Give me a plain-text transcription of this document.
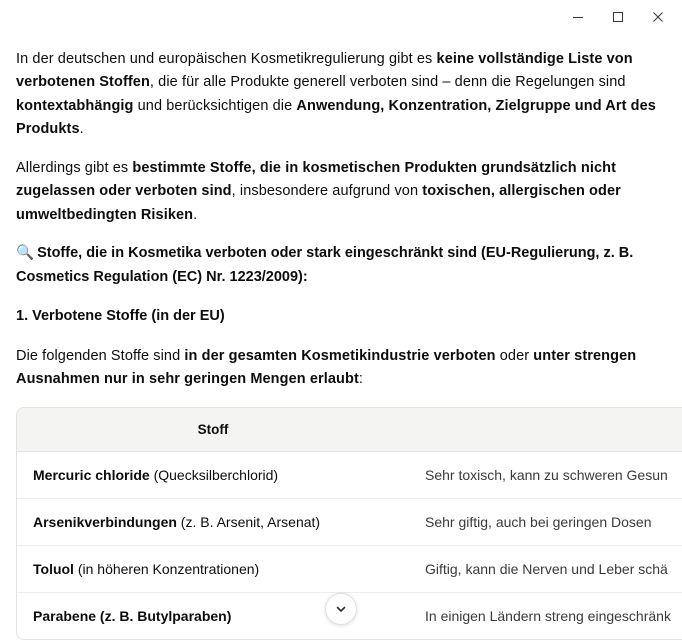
In der deutschen und europäischen Kosmetikregulierung gibt es keine vollständige Liste von verbotenen Stoffen, die für alle Produkte generell verboten sind – denn die Regelungen sind kontextabhängig und berücksichtigen die Anwendung, Konzentration, Zielgruppe und Art des Produkts.

Allerdings gibt es bestimmte Stoffe, die in kosmetischen Produkten grundsätzlich nicht zugelassen oder verboten sind, insbesondere aufgrund von toxischen, allergischen oder umweltbedingten Risiken.

🔍 Stoffe, die in Kosmetika verboten oder stark eingeschränkt sind (EU-Regulierung, z. B. Cosmetics Regulation (EC) Nr. 1223/2009):

1. Verbotene Stoffe (in der EU)

Die folgenden Stoffe sind in der gesamten Kosmetikindustrie verboten oder unter strengen Ausnahmen nur in sehr geringen Mengen erlaubt:

Stoff	
Mercuric chloride (Quecksilberchlorid)	Sehr toxisch, kann zu schweren Gesun
Arsenikverbindungen (z. B. Arsenit, Arsenat)	Sehr giftig, auch bei geringen Dosen
Toluol (in höheren Konzentrationen)	Giftig, kann die Nerven und Leber schä
Parabene (z. B. Butylparaben)	In einigen Ländern streng eingeschränk
